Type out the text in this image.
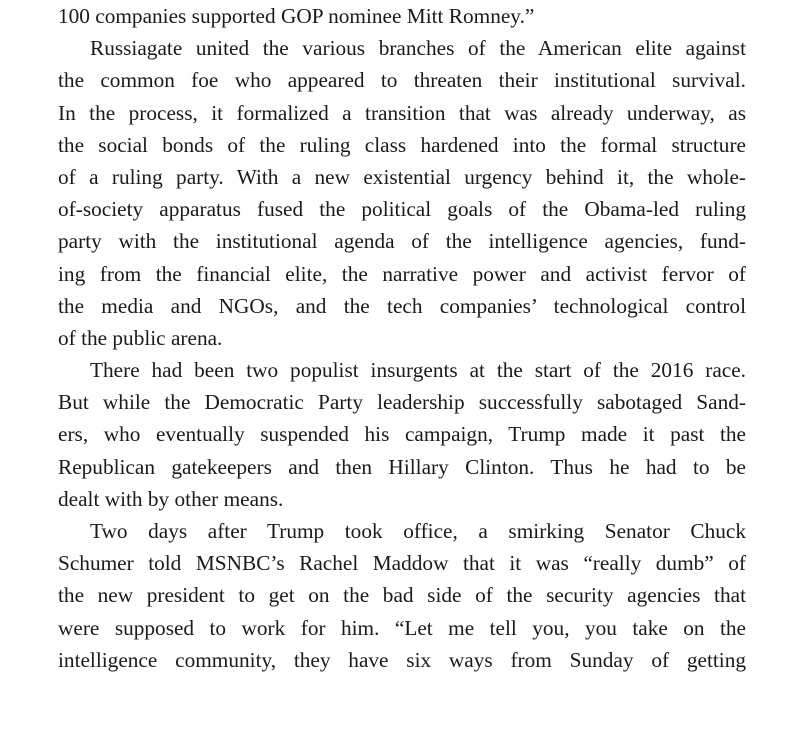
100 companies supported GOP nominee Mitt Romney.”
Russiagate united the various branches of the American elite against
the common foe who appeared to threaten their institutional survival.
In the process, it formalized a transition that was already underway, as
the social bonds of the ruling class hardened into the formal structure
of a ruling party. With a new existential urgency behind it, the whole-
of-society apparatus fused the political goals of the Obama-led ruling
party with the institutional agenda of the intelligence agencies, fund-
ing from the financial elite, the narrative power and activist fervor of
the media and NGOs, and the tech companies’ technological control
of the public arena.
There had been two populist insurgents at the start of the 2016 race.
But while the Democratic Party leadership successfully sabotaged Sand-
ers, who eventually suspended his campaign, Trump made it past the
Republican gatekeepers and then Hillary Clinton. Thus he had to be
dealt with by other means.
Two days after Trump took office, a smirking Senator Chuck
Schumer told MSNBC’s Rachel Maddow that it was “really dumb” of
the new president to get on the bad side of the security agencies that
were supposed to work for him. “Let me tell you, you take on the
intelligence community, they have six ways from Sunday of getting
